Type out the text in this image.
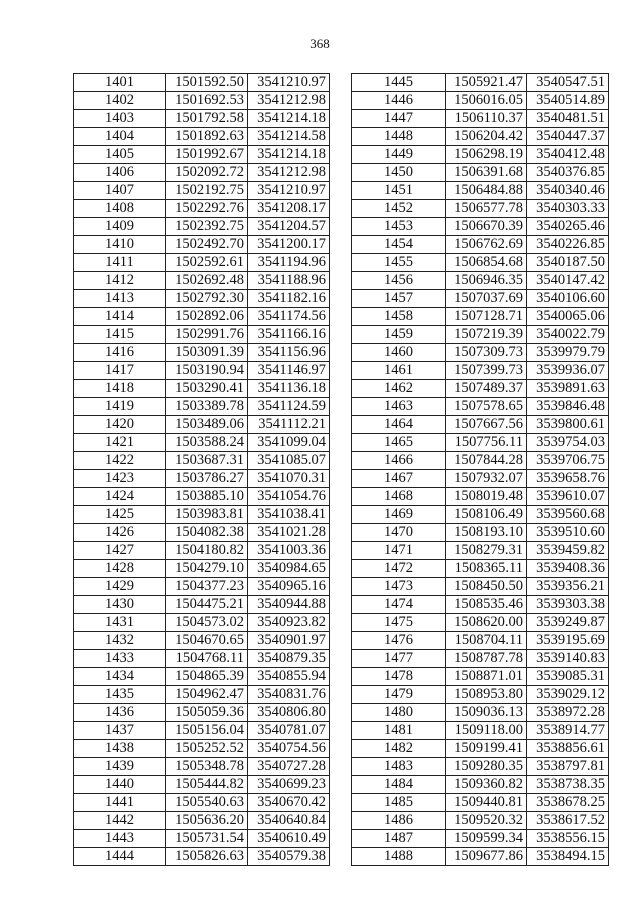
368
1401	1501592.50	3541210.97
1402	1501692.53	3541212.98
1403	1501792.58	3541214.18
1404	1501892.63	3541214.58
1405	1501992.67	3541214.18
1406	1502092.72	3541212.98
1407	1502192.75	3541210.97
1408	1502292.76	3541208.17
1409	1502392.75	3541204.57
1410	1502492.70	3541200.17
1411	1502592.61	3541194.96
1412	1502692.48	3541188.96
1413	1502792.30	3541182.16
1414	1502892.06	3541174.56
1415	1502991.76	3541166.16
1416	1503091.39	3541156.96
1417	1503190.94	3541146.97
1418	1503290.41	3541136.18
1419	1503389.78	3541124.59
1420	1503489.06	3541112.21
1421	1503588.24	3541099.04
1422	1503687.31	3541085.07
1423	1503786.27	3541070.31
1424	1503885.10	3541054.76
1425	1503983.81	3541038.41
1426	1504082.38	3541021.28
1427	1504180.82	3541003.36
1428	1504279.10	3540984.65
1429	1504377.23	3540965.16
1430	1504475.21	3540944.88
1431	1504573.02	3540923.82
1432	1504670.65	3540901.97
1433	1504768.11	3540879.35
1434	1504865.39	3540855.94
1435	1504962.47	3540831.76
1436	1505059.36	3540806.80
1437	1505156.04	3540781.07
1438	1505252.52	3540754.56
1439	1505348.78	3540727.28
1440	1505444.82	3540699.23
1441	1505540.63	3540670.42
1442	1505636.20	3540640.84
1443	1505731.54	3540610.49
1444	1505826.63	3540579.38
1445	1505921.47	3540547.51
1446	1506016.05	3540514.89
1447	1506110.37	3540481.51
1448	1506204.42	3540447.37
1449	1506298.19	3540412.48
1450	1506391.68	3540376.85
1451	1506484.88	3540340.46
1452	1506577.78	3540303.33
1453	1506670.39	3540265.46
1454	1506762.69	3540226.85
1455	1506854.68	3540187.50
1456	1506946.35	3540147.42
1457	1507037.69	3540106.60
1458	1507128.71	3540065.06
1459	1507219.39	3540022.79
1460	1507309.73	3539979.79
1461	1507399.73	3539936.07
1462	1507489.37	3539891.63
1463	1507578.65	3539846.48
1464	1507667.56	3539800.61
1465	1507756.11	3539754.03
1466	1507844.28	3539706.75
1467	1507932.07	3539658.76
1468	1508019.48	3539610.07
1469	1508106.49	3539560.68
1470	1508193.10	3539510.60
1471	1508279.31	3539459.82
1472	1508365.11	3539408.36
1473	1508450.50	3539356.21
1474	1508535.46	3539303.38
1475	1508620.00	3539249.87
1476	1508704.11	3539195.69
1477	1508787.78	3539140.83
1478	1508871.01	3539085.31
1479	1508953.80	3539029.12
1480	1509036.13	3538972.28
1481	1509118.00	3538914.77
1482	1509199.41	3538856.61
1483	1509280.35	3538797.81
1484	1509360.82	3538738.35
1485	1509440.81	3538678.25
1486	1509520.32	3538617.52
1487	1509599.34	3538556.15
1488	1509677.86	3538494.15
